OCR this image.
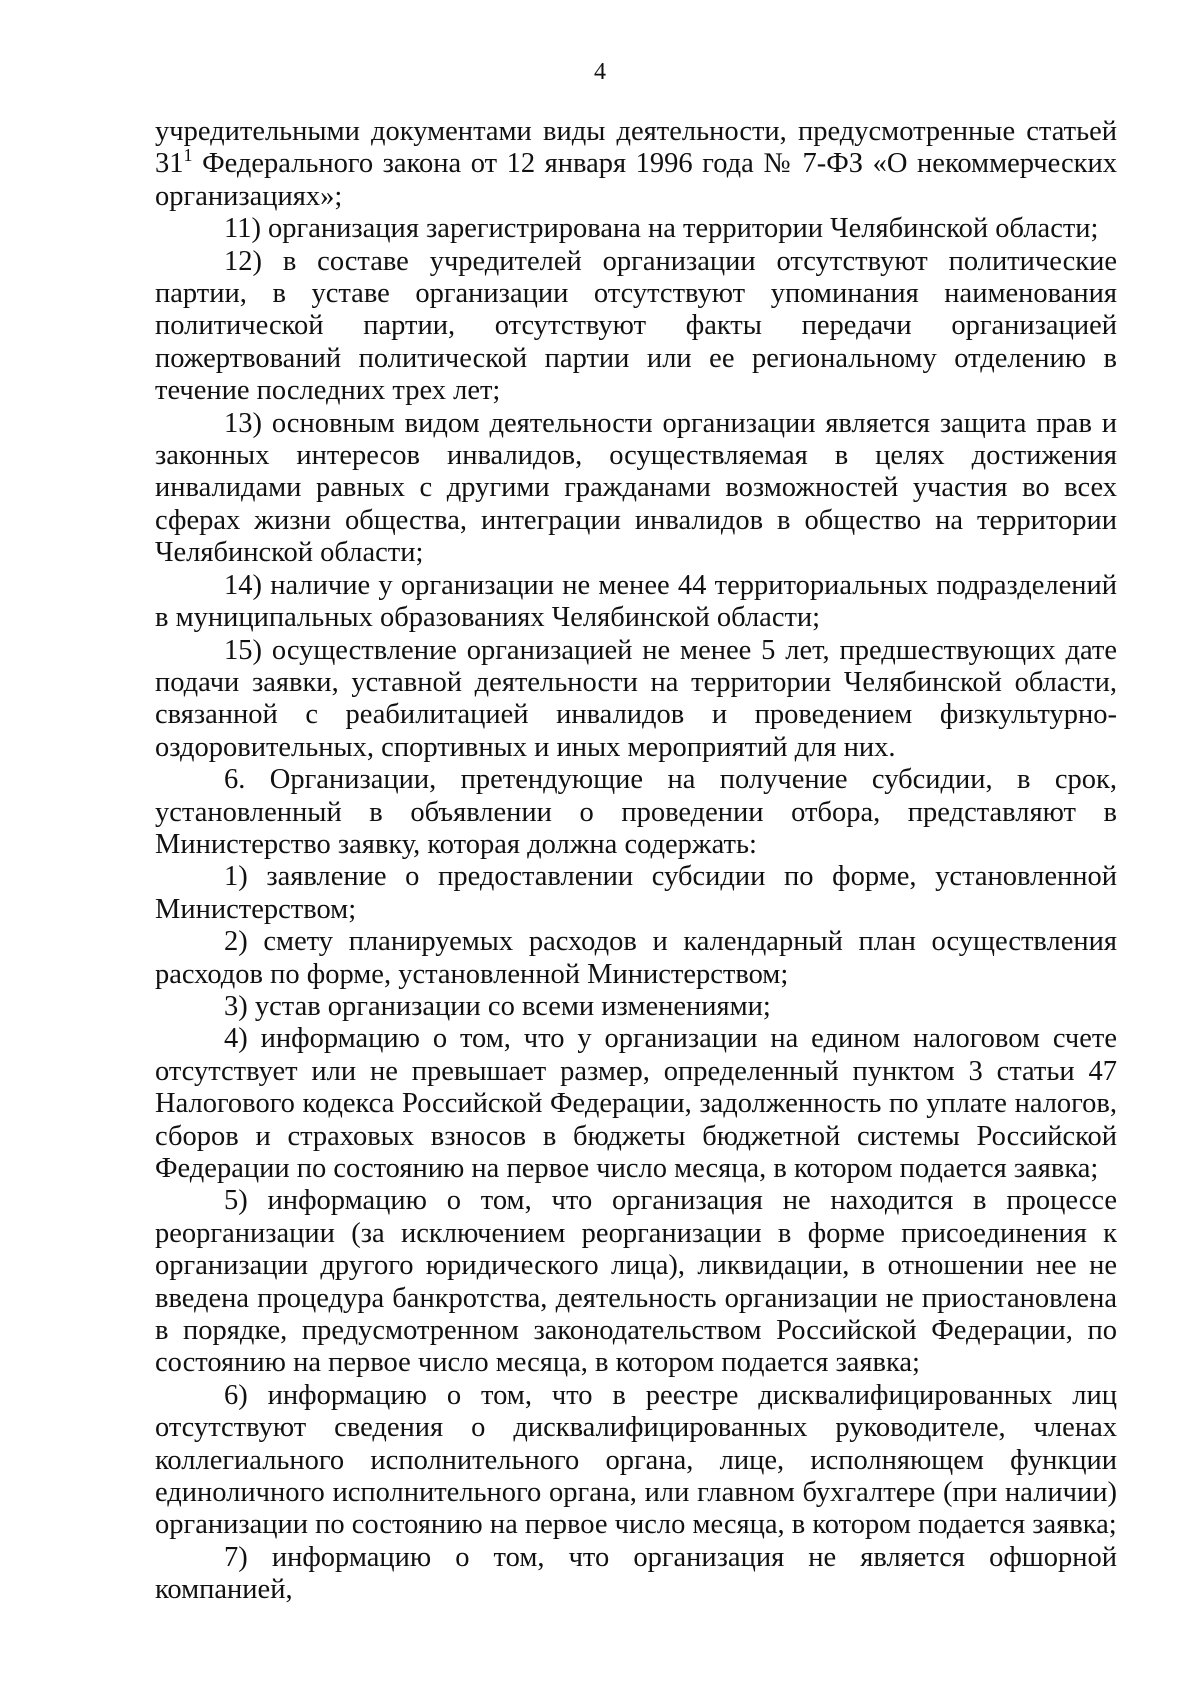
4

учредительными документами виды деятельности, предусмотренные статьей $31^1$ Федерального закона от 12 января 1996 года № 7-ФЗ «О некоммерческих организациях»;

11) организация зарегистрирована на территории Челябинской области;

12) в составе учредителей организации отсутствуют политические партии, в уставе организации отсутствуют упоминания наименования политической партии, отсутствуют факты передачи организацией пожертвований политической партии или ее региональному отделению в течение последних трех лет;

13) основным видом деятельности организации является защита прав и законных интересов инвалидов, осуществляемая в целях достижения инвалидами равных с другими гражданами возможностей участия во всех сферах жизни общества, интеграции инвалидов в общество на территории Челябинской области;

14) наличие у организации не менее 44 территориальных подразделений в муниципальных образованиях Челябинской области;

15) осуществление организацией не менее 5 лет, предшествующих дате подачи заявки, уставной деятельности на территории Челябинской области, связанной с реабилитацией инвалидов и проведением физкультурно-оздоровительных, спортивных и иных мероприятий для них.

6. Организации, претендующие на получение субсидии, в срок, установленный в объявлении о проведении отбора, представляют в Министерство заявку, которая должна содержать:

1) заявление о предоставлении субсидии по форме, установленной Министерством;

2) смету планируемых расходов и календарный план осуществления расходов по форме, установленной Министерством;

3) устав организации со всеми изменениями;

4) информацию о том, что у организации на едином налоговом счете отсутствует или не превышает размер, определенный пунктом 3 статьи 47 Налогового кодекса Российской Федерации, задолженность по уплате налогов, сборов и страховых взносов в бюджеты бюджетной системы Российской Федерации по состоянию на первое число месяца, в котором подается заявка;

5) информацию о том, что организация не находится в процессе реорганизации (за исключением реорганизации в форме присоединения к организации другого юридического лица), ликвидации, в отношении нее не введена процедура банкротства, деятельность организации не приостановлена в порядке, предусмотренном законодательством Российской Федерации, по состоянию на первое число месяца, в котором подается заявка;

6) информацию о том, что в реестре дисквалифицированных лиц отсутствуют сведения о дисквалифицированных руководителе, членах коллегиального исполнительного органа, лице, исполняющем функции единоличного исполнительного органа, или главном бухгалтере (при наличии) организации по состоянию на первое число месяца, в котором подается заявка;

7) информацию о том, что организация не является офшорной компанией,
